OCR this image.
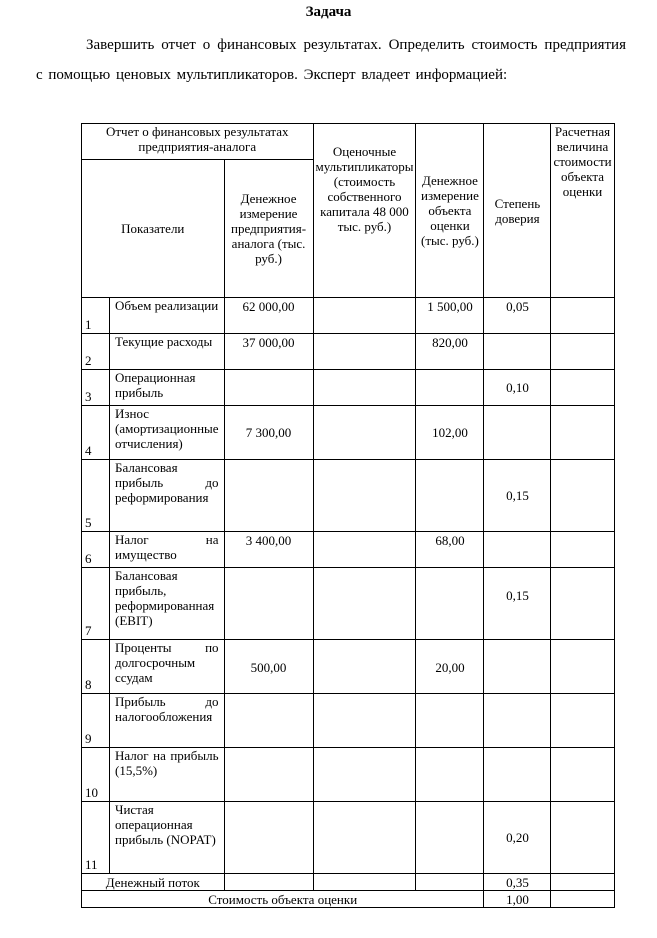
Задача
Завершить отчет о финансовых результатах. Определить стоимость предприятия с помощью ценовых мультипликаторов. Эксперт владеет информацией:
Отчет о финансовых результатах предприятия-аналога			Оценочные мультипликаторы (стоимость собственного капитала 48 000 тыс. руб.)	Денежное измерение объекта оценки (тыс. руб.)	Степень доверия	Расчетная величина стоимости объекта оценки
Показатели		Денежное измерение предприятия-аналога (тыс. руб.)				
1	Объем реализации	62 000,00		1 500,00	0,05	
2	Текущие расходы	37 000,00		820,00		
3	Операционная прибыль				0,10	
4	Износ (амортизационные отчисления)	7 300,00		102,00		
5	Балансовая прибыль до реформирования				0,15	
6	Налог на имущество	3 400,00		68,00		
7	Балансовая прибыль, реформированная (EBIT)				0,15	
8	Проценты по долгосрочным ссудам	500,00		20,00		
9	Прибыль до налогообложения					
10	Налог на прибыль (15,5%)					
11	Чистая операционная прибыль (NOPAT)				0,20	
Денежный поток					0,35	
Стоимость объекта оценки					1,00	
